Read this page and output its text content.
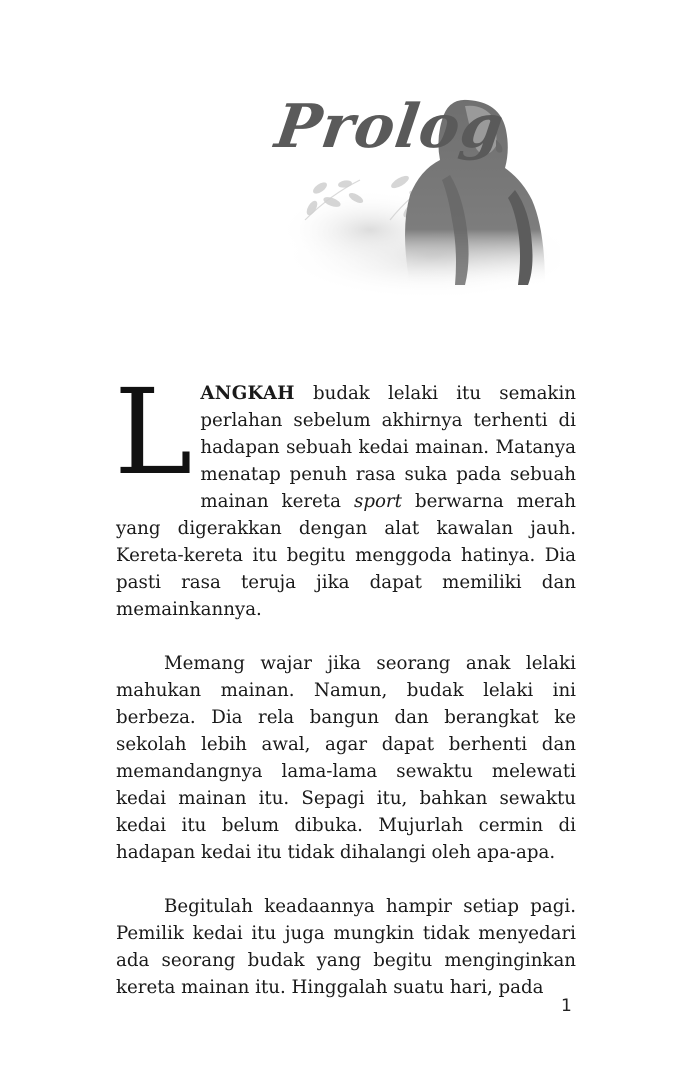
Prolog

LANGKAH budak lelaki itu semakin perlahan sebelum akhirnya terhenti di hadapan sebuah kedai mainan. Matanya menatap penuh rasa suka pada sebuah mainan kereta sport berwarna merah yang digerakkan dengan alat kawalan jauh. Kereta-kereta itu begitu menggoda hatinya. Dia pasti rasa teruja jika dapat memiliki dan memainkannya.

Memang wajar jika seorang anak lelaki mahukan mainan. Namun, budak lelaki ini berbeza. Dia rela bangun dan berangkat ke sekolah lebih awal, agar dapat berhenti dan memandangnya lama-lama sewaktu melewati kedai mainan itu. Sepagi itu, bahkan sewaktu kedai itu belum dibuka. Mujurlah cermin di hadapan kedai itu tidak dihalangi oleh apa-apa.

Begitulah keadaannya hampir setiap pagi. Pemilik kedai itu juga mungkin tidak menyedari ada seorang budak yang begitu menginginkan kereta mainan itu. Hinggalah suatu hari, pada

1
